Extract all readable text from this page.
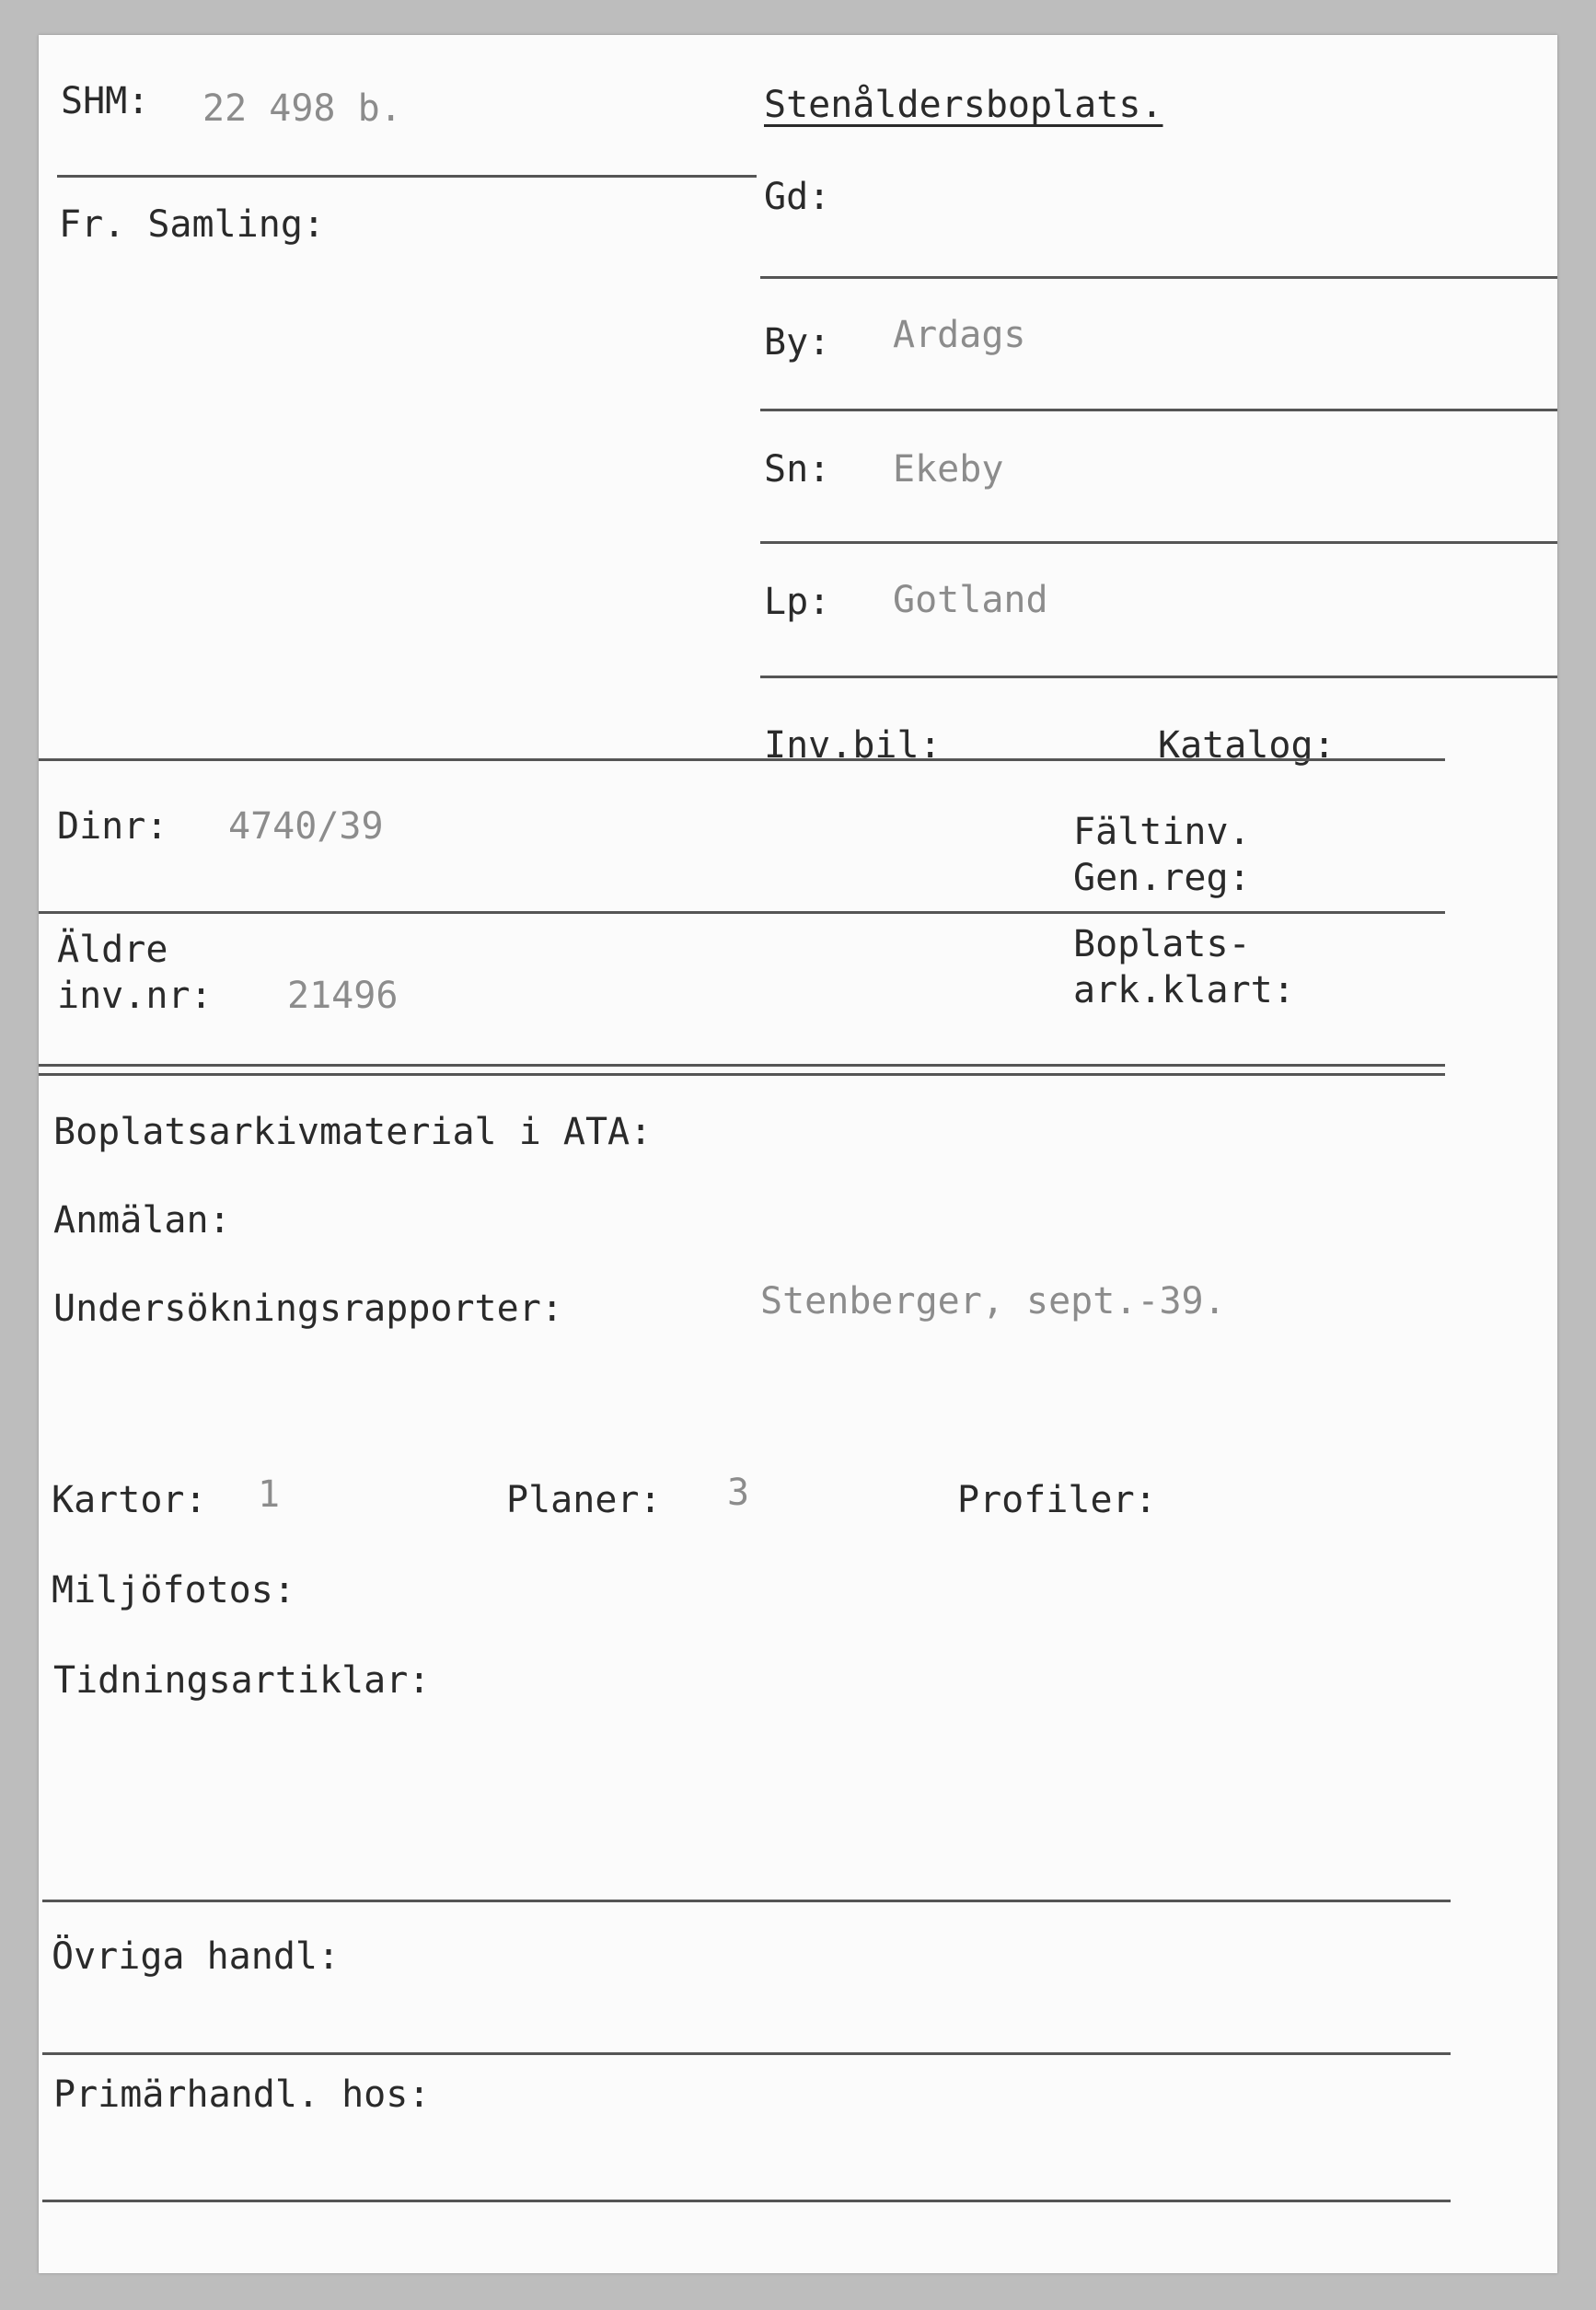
SHM: 22 498 b.	Stenåldersboplats.
Fr. Samling:
Gd:
By: Ardags
Sn: Ekeby
Lp: Gotland
Inv.bil:	Katalog:
Dinr: 4740/39	Fältinv.
Gen.reg:
Äldre
inv.nr: 21496
Boplats-
ark.klart:
Boplatsarkivmaterial i ATA:
Anmälan:
Undersökningsrapporter:	Stenberger, sept.-39.
Kartor: 1	Planer: 3	Profiler:
Miljöfotos:
Tidningsartiklar:
Övriga handl:
Primärhandl. hos:
